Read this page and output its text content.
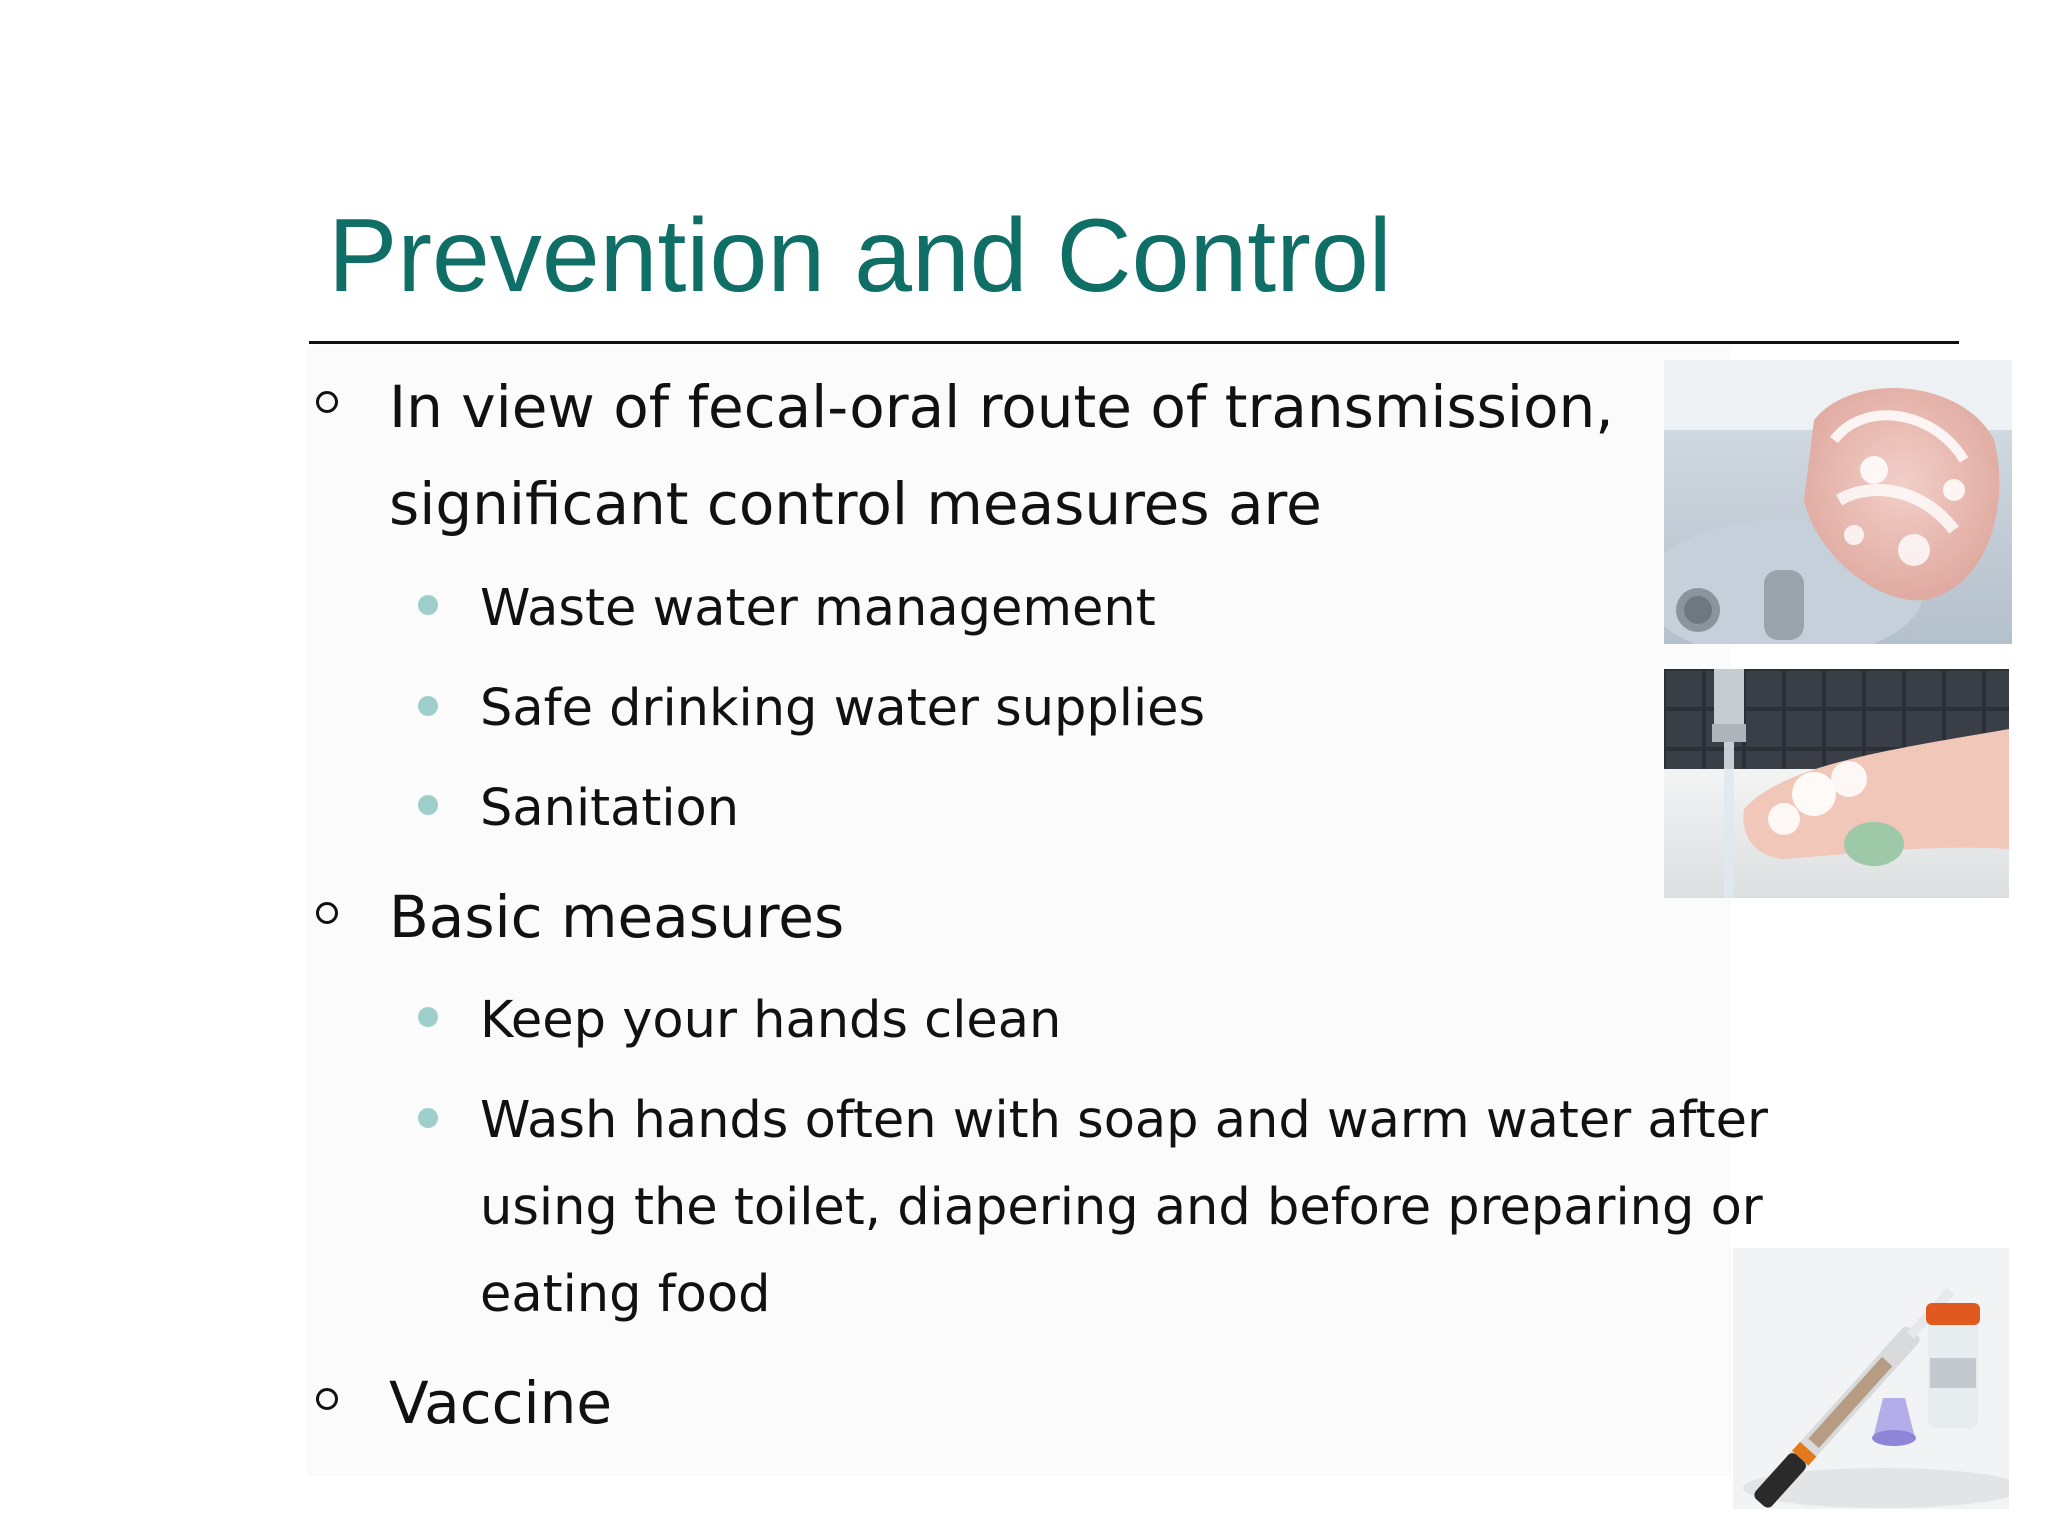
Prevention and Control
In view of fecal-oral route of transmission,
significant control measures are
Waste water management
Safe drinking water supplies
Sanitation
Basic measures
Keep your hands clean
Wash hands often with soap and warm water after
using the toilet, diapering and before preparing or
eating food
Vaccine
